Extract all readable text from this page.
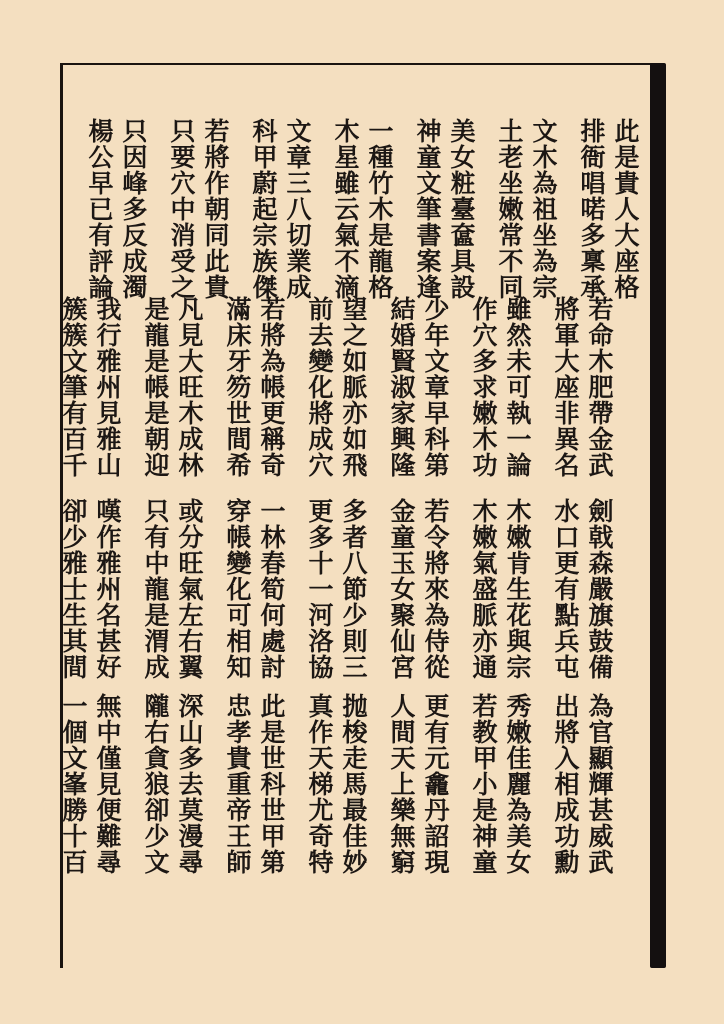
此是貴人大座格
若命木肥帶金武
劍戟森嚴旗鼓備
為官顯輝甚威武
排衙唱喏多稟承
將軍大座非異名
水口更有點兵屯
出將入相成功勳
文木為祖坐為宗
雖然未可執一論
木嫩肯生花與宗
秀嫩佳麗為美女
土老坐嫩常不同
作穴多求嫩木功
木嫩氣盛脈亦通
若教甲小是神童
美女粧臺奩具設
少年文章早科第
若令將來為侍從
更有元龕丹詔現
神童文筆書案逢
結婚賢淑家興隆
金童玉女聚仙宮
人間天上樂無窮
一種竹木是龍格
望之如脈亦如飛
多者八節少則三
抛梭走馬最佳妙
木星雖云氣不滴
前去變化將成穴
更多十一河洛協
真作天梯尤奇特
文章三八切業成
若將為帳更稱奇
一林春筍何處討
此是世科世甲第
科甲蔚起宗族傑
滿床牙笏世間希
穿帳變化可相知
忠孝貴重帝王師
若將作朝同此貴
凡見大旺木成林
或分旺氣左右翼
深山多去莫漫尋
只要穴中消受之
是龍是帳是朝迎
只有中龍是渭成
隴右貪狼卻少文
只因峰多反成濁
我行雅州見雅山
嘆作雅州名甚好
無中僅見便難尋
楊公早已有評論
簇簇文筆有百千
卻少雅士生其間
一個文峯勝十百
